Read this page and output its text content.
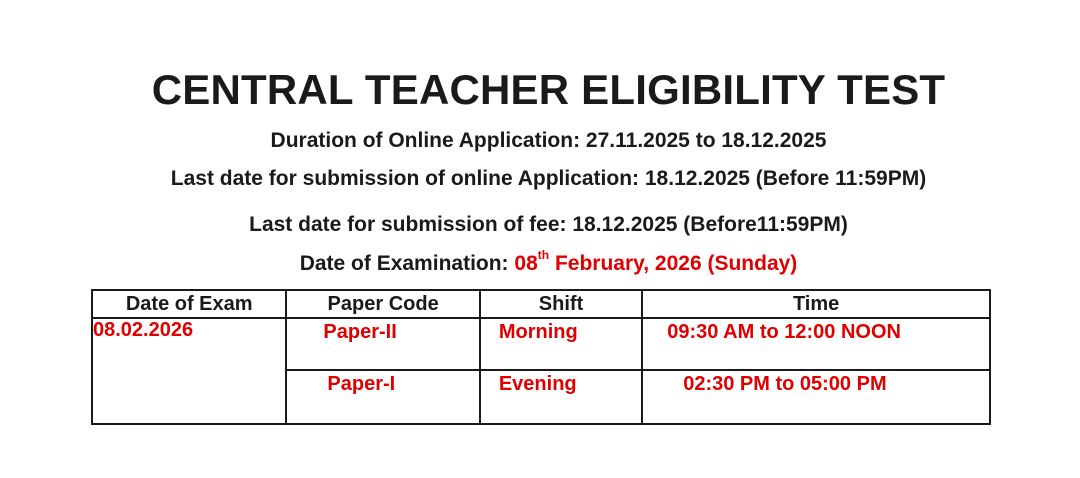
CENTRAL TEACHER ELIGIBILITY TEST
Duration of Online Application: 27.11.2025 to 18.12.2025
Last date for submission of online Application: 18.12.2025 (Before 11:59PM)
Last date for submission of fee: 18.12.2025 (Before11:59PM)
Date of Examination: 08th February, 2026 (Sunday)
Date of Exam	Paper Code	Shift	Time
08.02.2026	Paper-II	Morning	09:30 AM to 12:00 NOON

	Paper-I	Evening	02:30 PM to 05:00 PM
